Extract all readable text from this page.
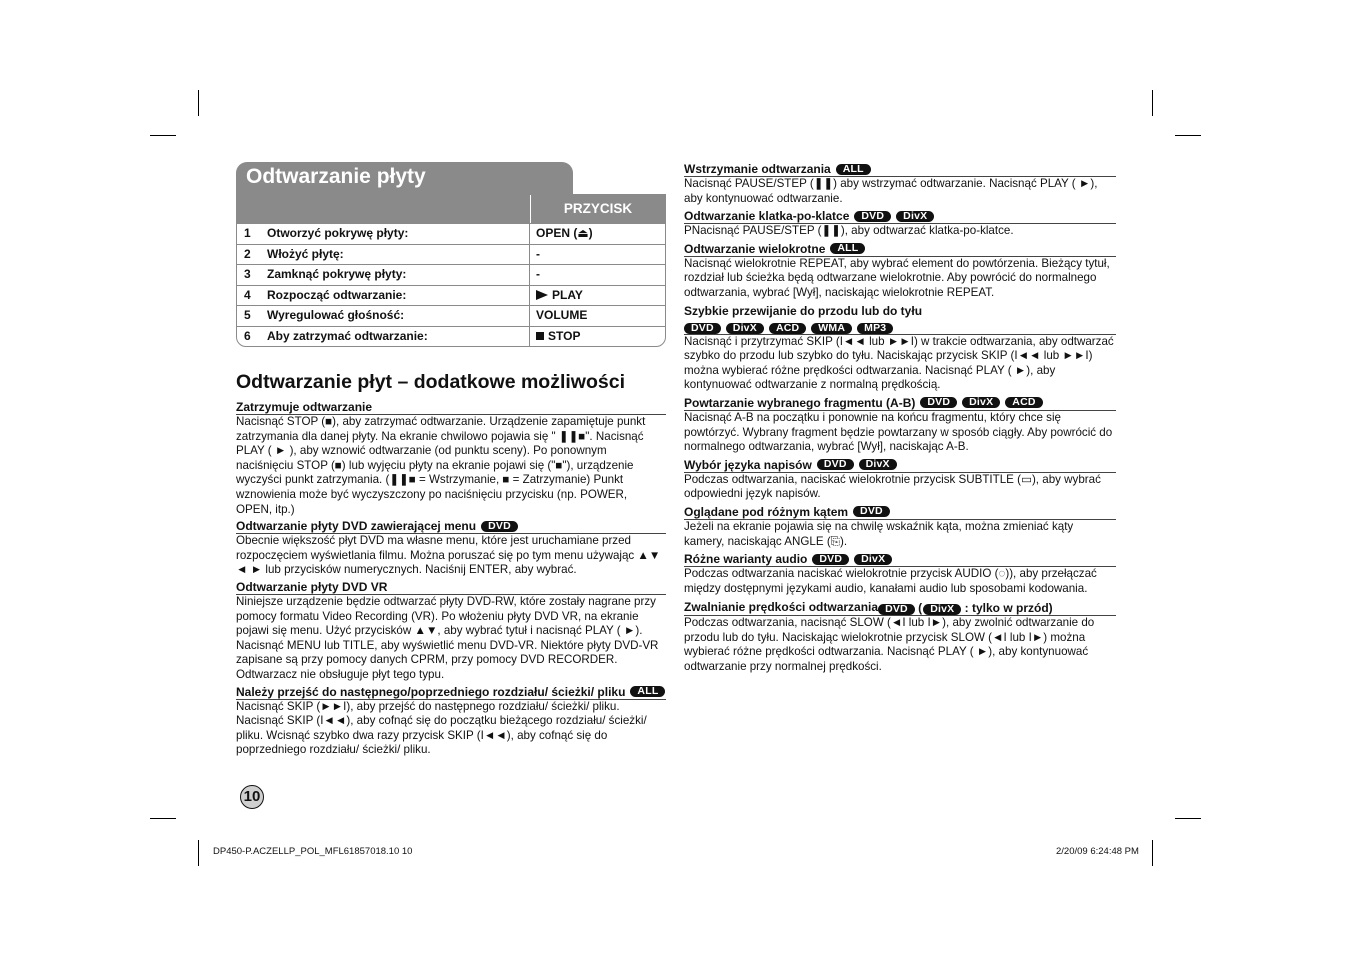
Odtwarzanie płyty
PRZYCISK
1	Otworzyć pokrywę płyty:	OPEN (⏏)
2	Włożyć płytę:	-
3	Zamknąć pokrywę płyty:	-
4	Rozpocząć odtwarzanie:	PLAY
5	Wyregulować głośność:	VOLUME
6	Aby zatrzymać odtwarzanie:	STOP
Odtwarzanie płyt – dodatkowe możliwości
Zatrzymuje odtwarzanie
Nacisnąć STOP (■), aby zatrzymać odtwarzanie. Urządzenie zapamiętuje punkt zatrzymania dla danej płyty. Na ekranie chwilowo pojawia się " ❚❚■". Nacisnąć PLAY ( ► ), aby wznowić odtwarzanie (od punktu sceny). Po ponownym naciśnięciu STOP (■) lub wyjęciu płyty na ekranie pojawi się ("■"), urządzenie wyczyści punkt zatrzymania. (❚❚■ = Wstrzymanie, ■ = Zatrzymanie) Punkt wznowienia może być wyczyszczony po naciśnięciu przycisku (np. POWER, OPEN, itp.)
Odtwarzanie płyty DVD zawierającej menu	DVD
Obecnie większość płyt DVD ma własne menu, które jest uruchamiane przed rozpoczęciem wyświetlania filmu. Można poruszać się po tym menu używając ▲▼ ◄ ► lub przycisków numerycznych. Naciśnij ENTER, aby wybrać.
Odtwarzanie płyty DVD VR
Niniejsze urządzenie będzie odtwarzać płyty DVD-RW, które zostały nagrane przy pomocy formatu Video Recording (VR). Po włożeniu płyty DVD VR, na ekranie pojawi się menu. Użyć przycisków ▲▼, aby wybrać tytuł i nacisnąć PLAY ( ►). Nacisnąć MENU lub TITLE, aby wyświetlić menu DVD-VR. Niektóre płyty DVD-VR zapisane są przy pomocy danych CPRM, przy pomocy DVD RECORDER. Odtwarzacz nie obsługuje płyt tego typu.
Należy przejść do następnego/poprzedniego rozdziału/ ścieżki/ pliku	ALL
Nacisnąć SKIP (►►I), aby przejść do następnego rozdziału/ ścieżki/ pliku. Nacisnąć SKIP (I◄◄), aby cofnąć się do początku bieżącego rozdziału/ ścieżki/ pliku. Wcisnąć szybko dwa razy przycisk SKIP (I◄◄), aby cofnąć się do poprzedniego rozdziału/ ścieżki/ pliku.
Wstrzymanie odtwarzania	ALL
Nacisnąć PAUSE/STEP (❚❚) aby wstrzymać odtwarzanie. Nacisnąć PLAY ( ►), aby kontynuować odtwarzanie.
Odtwarzanie klatka-po-klatce	DVD	DivX
PNacisnąć PAUSE/STEP (❚❚), aby odtwarzać klatka-po-klatce.
Odtwarzanie wielokrotne	ALL
Nacisnąć wielokrotnie REPEAT, aby wybrać element do powtórzenia. Bieżący tytuł, rozdział lub ścieżka będą odtwarzane wielokrotnie. Aby powrócić do normalnego odtwarzania, wybrać [Wył], naciskając wielokrotnie REPEAT.
Szybkie przewijanie do przodu lub do tyłu
DVD DivX ACD WMA MP3
Nacisnąć i przytrzymać SKIP (I◄◄ lub ►►I) w trakcie odtwarzania, aby odtwarzać szybko do przodu lub szybko do tyłu. Naciskając przycisk SKIP (I◄◄ lub ►►I) można wybierać różne prędkości odtwarzania. Nacisnąć PLAY ( ►), aby kontynuować odtwarzanie z normalną prędkością.
Powtarzanie wybranego fragmentu (A-B)	DVD	DivX	ACD
Nacisnąć A-B na początku i ponownie na końcu fragmentu, który chce się powtórzyć. Wybrany fragment będzie powtarzany w sposób ciągły. Aby powrócić do normalnego odtwarzania, wybrać [Wył], naciskając A-B.
Wybór języka napisów	DVD	DivX
Podczas odtwarzania, naciskać wielokrotnie przycisk SUBTITLE (▭), aby wybrać odpowiedni język napisów.
Oglądane pod różnym kątem	DVD
Jeżeli na ekranie pojawia się na chwilę wskaźnik kąta, można zmieniać kąty kamery, naciskając ANGLE (⎘).
Różne warianty audio	DVD	DivX
Podczas odtwarzania naciskać wielokrotnie przycisk AUDIO (◌)), aby przełączać między dostępnymi językami audio, kanałami audio lub sposobami kodowania.
Zwalnianie prędkości odtwarzania DVD ( DivX : tylko w przód)
Podczas odtwarzania, nacisnąć SLOW (◄I lub I►), aby zwolnić odtwarzanie do przodu lub do tyłu. Naciskając wielokrotnie przycisk SLOW (◄I lub I►) można wybierać różne prędkości odtwarzania. Nacisnąć PLAY ( ►), aby kontynuować odtwarzanie przy normalnej prędkości.
10
DP450-P.ACZELLP_POL_MFL61857018.10 10	2/20/09 6:24:48 PM
